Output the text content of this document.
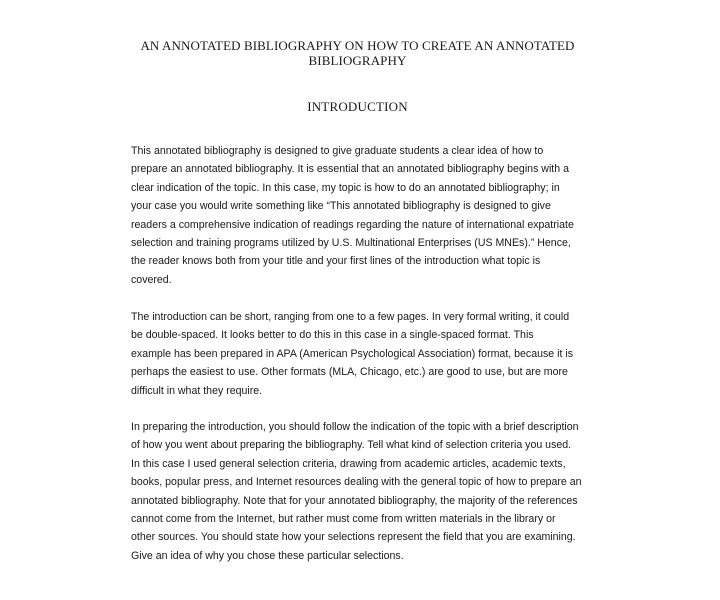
AN ANNOTATED BIBLIOGRAPHY ON HOW TO CREATE AN ANNOTATED
BIBLIOGRAPHY
INTRODUCTION
This annotated bibliography is designed to give graduate students a clear idea of how to
prepare an annotated bibliography. It is essential that an annotated bibliography begins with a
clear indication of the topic. In this case, my topic is how to do an annotated bibliography; in
your case you would write something like “This annotated bibliography is designed to give
readers a comprehensive indication of readings regarding the nature of international expatriate
selection and training programs utilized by U.S. Multinational Enterprises (US MNEs).” Hence,
the reader knows both from your title and your first lines of the introduction what topic is
covered.
The introduction can be short, ranging from one to a few pages. In very formal writing, it could
be double-spaced. It looks better to do this in this case in a single-spaced format. This
example has been prepared in APA (American Psychological Association) format, because it is
perhaps the easiest to use. Other formats (MLA, Chicago, etc.) are good to use, but are more
difficult in what they require.
In preparing the introduction, you should follow the indication of the topic with a brief description
of how you went about preparing the bibliography. Tell what kind of selection criteria you used.
In this case I used general selection criteria, drawing from academic articles, academic texts,
books, popular press, and Internet resources dealing with the general topic of how to prepare an
annotated bibliography. Note that for your annotated bibliography, the majority of the references
cannot come from the Internet, but rather must come from written materials in the library or
other sources. You should state how your selections represent the field that you are examining.
Give an idea of why you chose these particular selections.
